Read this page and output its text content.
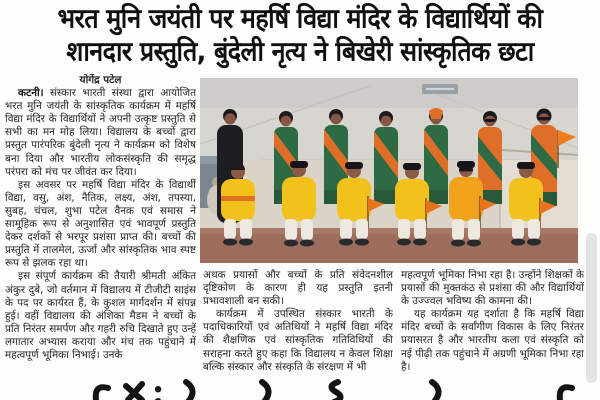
भरत मुनि जयंती पर महर्षि विद्या मंदिर के विद्यार्थियों की
शानदार प्रस्तुति, बुंदेली नृत्य ने बिखेरी सांस्कृतिक छटा

योगेंद्र पटेल

कटनी। संस्कार भारती संस्था द्वारा आयोजित भरत मुनि जयंती के सांस्कृतिक कार्यक्रम में महर्षि विद्या मंदिर के विद्यार्थियों ने अपनी उत्कृष्ट प्रस्तुति से सभी का मन मोह लिया। विद्यालय के बच्चों द्वारा प्रस्तुत पारंपरिक बुंदेली नृत्य ने कार्यक्रम को विशेष बना दिया और भारतीय लोकसंस्कृति की समृद्ध परंपरा को मंच पर जीवंत कर दिया।

इस अवसर पर महर्षि विद्या मंदिर के विद्यार्थी विद्या, वसु, अंश, नैतिक, लक्ष्य, अंश, तपस्या, सुबह, चंचल, शुभा पटेल वैनक एवं समास ने सामूहिक रूप से अनुशासित एवं भावपूर्ण प्रस्तुति देकर दर्शकों से भरपूर प्रशंसा प्राप्त की। बच्चों की प्रस्तुति में तालमेल, ऊर्जा और सांस्कृतिक भाव स्पष्ट रूप से झलक रहा था।

इस संपूर्ण कार्यक्रम की तैयारी श्रीमती अंकित अंकुर दुबे, जो वर्तमान में विद्यालय में टीजीटी साइंस के पद पर कार्यरत हैं, के कुशल मार्गदर्शन में संपन्न हुई। वहीं विद्यालय की अंशिका मैडम ने बच्चों के प्रति निरंतर समर्पण और गहरी रुचि दिखाते हुए उन्हें लगातार अभ्यास कराया और मंच तक पहुंचाने में महत्वपूर्ण भूमिका निभाई। उनके

अथक प्रयासों और बच्चों के प्रति संवेदनशील दृष्टिकोण के कारण ही यह प्रस्तुति इतनी प्रभावशाली बन सकी।

कार्यक्रम में उपस्थित संस्कार भारती के पदाधिकारियों एवं अतिथियों ने महर्षि विद्या मंदिर की शैक्षणिक एवं सांस्कृतिक गतिविधियों की सराहना करते हुए कहा कि विद्यालय न केवल शिक्षा बल्कि संस्कार और संस्कृति के संरक्षण में भी

महत्वपूर्ण भूमिका निभा रहा है। उन्होंने शिक्षकों के प्रयासों की मुक्तकंठ से प्रशंसा की और विद्यार्थियों के उज्ज्वल भविष्य की कामना की।

यह कार्यक्रम यह दर्शाता है कि महर्षि विद्या मंदिर बच्चों के सर्वांगीण विकास के लिए निरंतर प्रयासरत है और भारतीय कला एवं संस्कृति को नई पीढ़ी तक पहुंचाने में अग्रणी भूमिका निभा रहा है।
